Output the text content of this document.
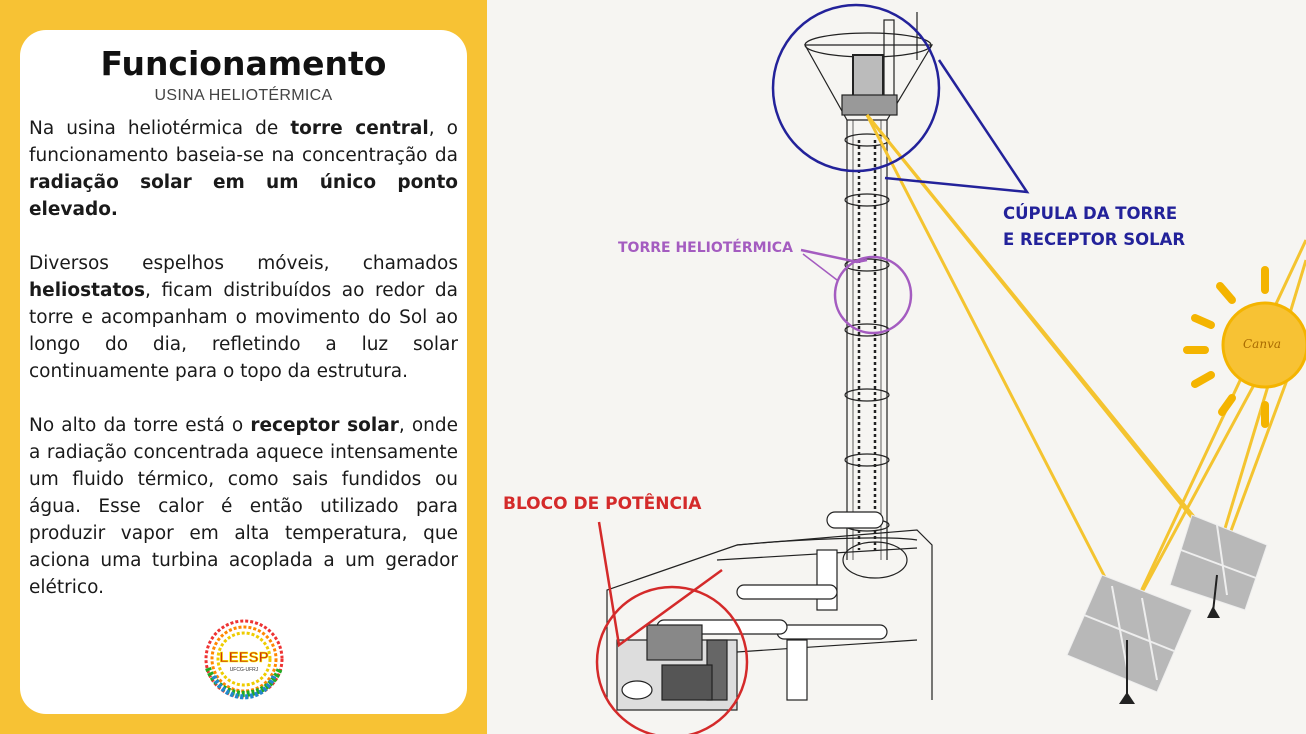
Funcionamento
USINA HELIOTÉRMICA
Na usina heliotérmica de torre central, o funcionamento baseia-se na concentração da radiação solar em um único ponto elevado.
Diversos espelhos móveis, chamados heliostatos, ficam distribuídos ao redor da torre e acompanham o movimento do Sol ao longo do dia, refletindo a luz solar continuamente para o topo da estrutura.
No alto da torre está o receptor solar, onde a radiação concentrada aquece intensamente um fluido térmico, como sais fundidos ou água. Esse calor é então utilizado para produzir vapor em alta temperatura, que aciona uma turbina acoplada a um gerador elétrico.
LEESP
UFCG-UFRJ
Canva
TORRE HELIOTÉRMICA
CÚPULA DA TORRE
E RECEPTOR SOLAR
BLOCO DE POTÊNCIA
